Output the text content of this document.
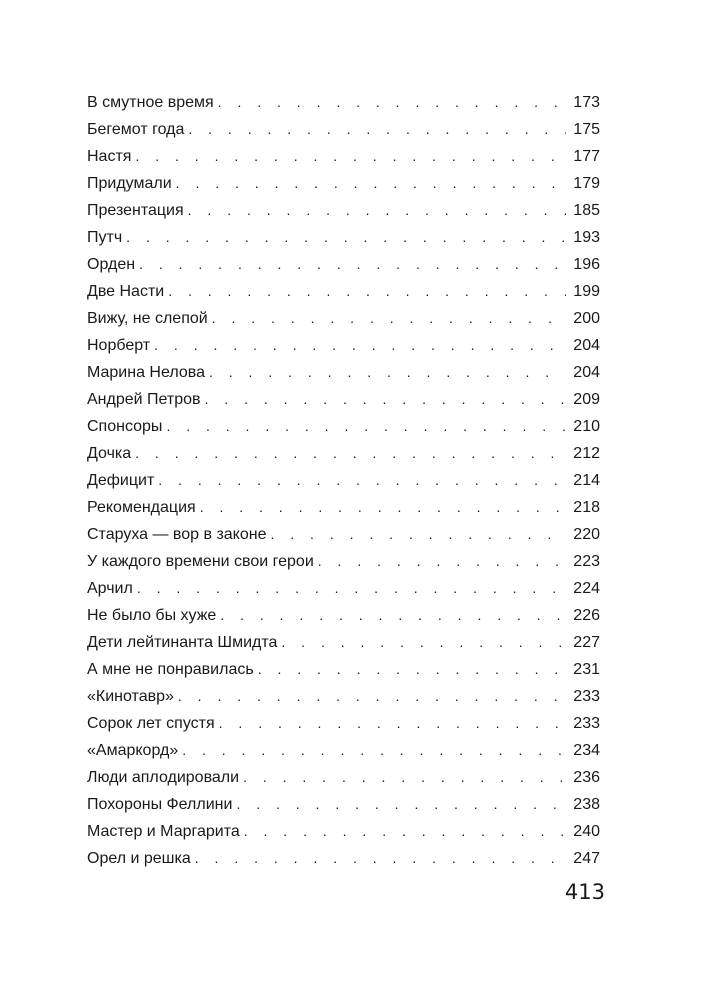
В смутное время . . .	173
Бегемот года . . .	175
Настя . . .	177
Придумали . . .	179
Презентация . . .	185
Путч . . .	193
Орден . . .	196
Две Насти . . .	199
Вижу, не слепой . . .	200
Норберт . . .	204
Марина Нелова . . .	204
Андрей Петров . . .	209
Спонсоры . . .	210
Дочка . . .	212
Дефицит . . .	214
Рекомендация . . .	218
Старуха — вор в законе . . .	220
У каждого времени свои герои . . .	223
Арчил . . .	224
Не было бы хуже . . .	226
Дети лейтинанта Шмидта . . .	227
А мне не понравилась . . .	231
«Кинотавр» . . .	233
Сорок лет спустя . . .	233
«Амаркорд» . . .	234
Люди аплодировали . . .	236
Похороны Феллини . . .	238
Мастер и Маргарита . . .	240
Орел и решка . . .	247
413
